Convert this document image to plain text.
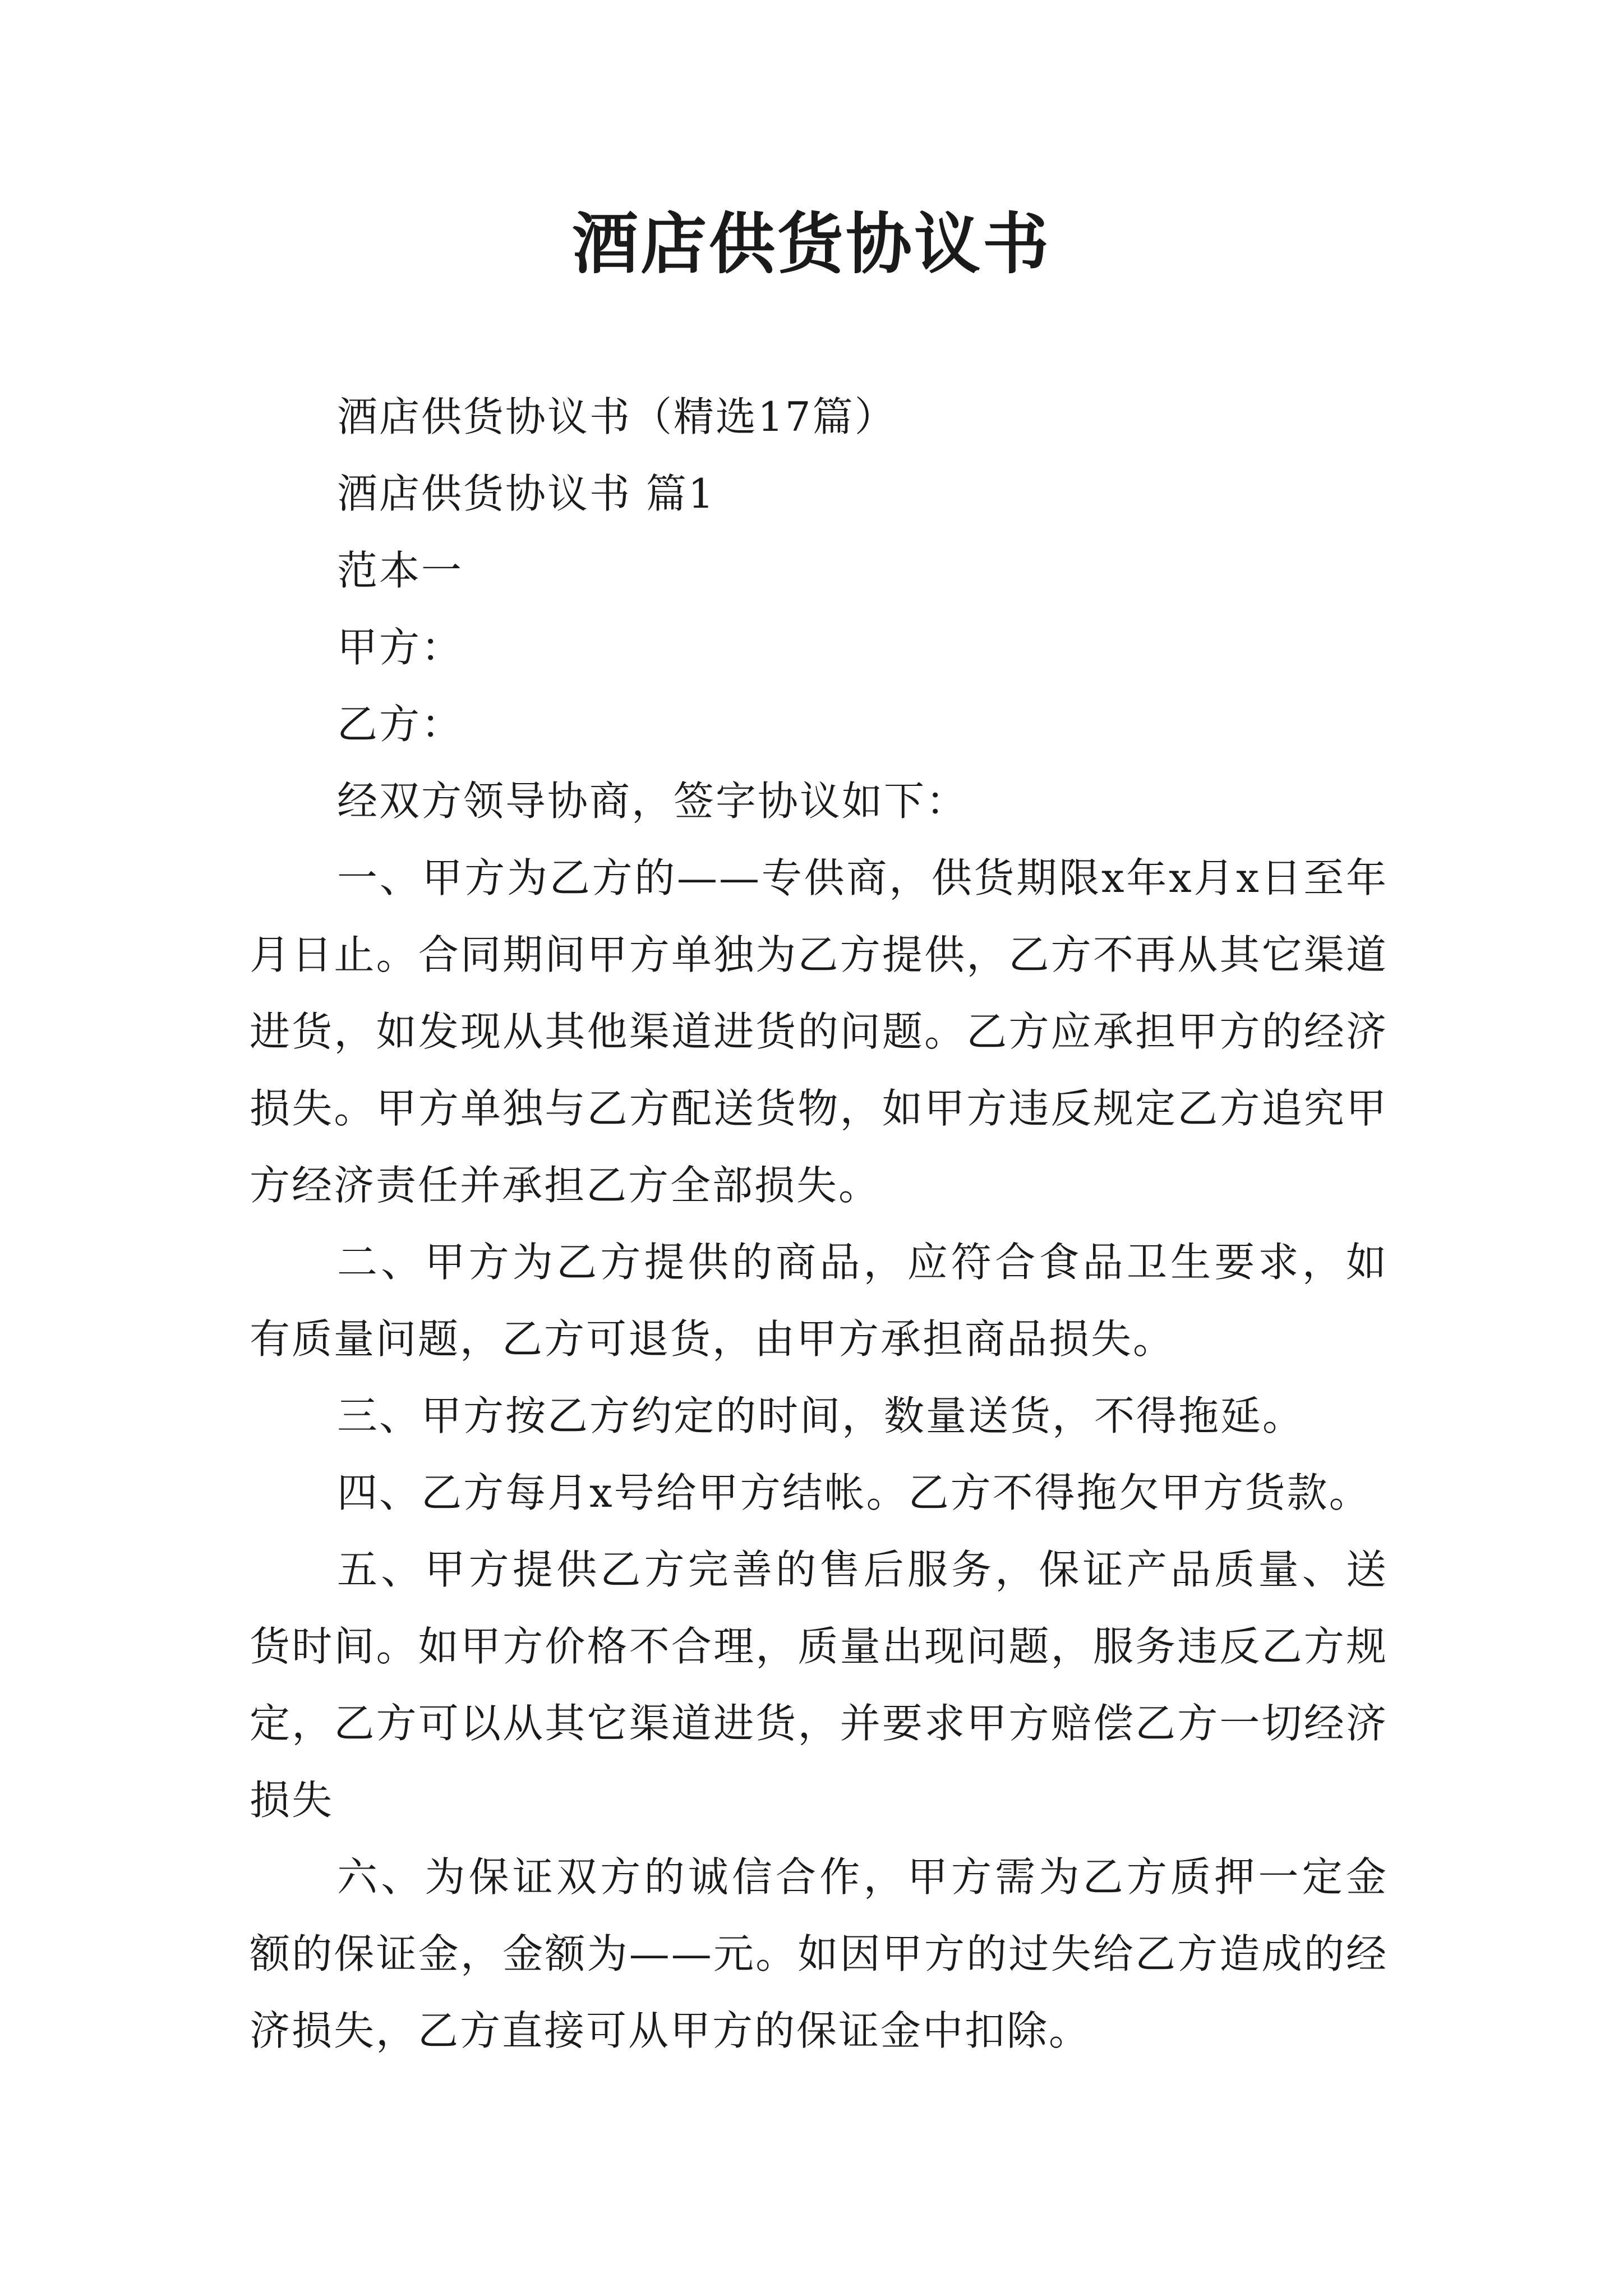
酒店供货协议书

酒店供货协议书（精选17篇）

酒店供货协议书 篇1

范本一

甲方：

乙方：

经双方领导协商，签字协议如下：

一、甲方为乙方的——专供商，供货期限x年x月x日至年月日止。合同期间甲方单独为乙方提供，乙方不再从其它渠道进货，如发现从其他渠道进货的问题。乙方应承担甲方的经济损失。甲方单独与乙方配送货物，如甲方违反规定乙方追究甲方经济责任并承担乙方全部损失。

二、甲方为乙方提供的商品，应符合食品卫生要求，如有质量问题，乙方可退货，由甲方承担商品损失。

三、甲方按乙方约定的时间，数量送货，不得拖延。

四、乙方每月x号给甲方结帐。乙方不得拖欠甲方货款。

五、甲方提供乙方完善的售后服务，保证产品质量、送货时间。如甲方价格不合理，质量出现问题，服务违反乙方规定，乙方可以从其它渠道进货，并要求甲方赔偿乙方一切经济损失

六、为保证双方的诚信合作，甲方需为乙方质押一定金额的保证金，金额为——元。如因甲方的过失给乙方造成的经济损失，乙方直接可从甲方的保证金中扣除。
